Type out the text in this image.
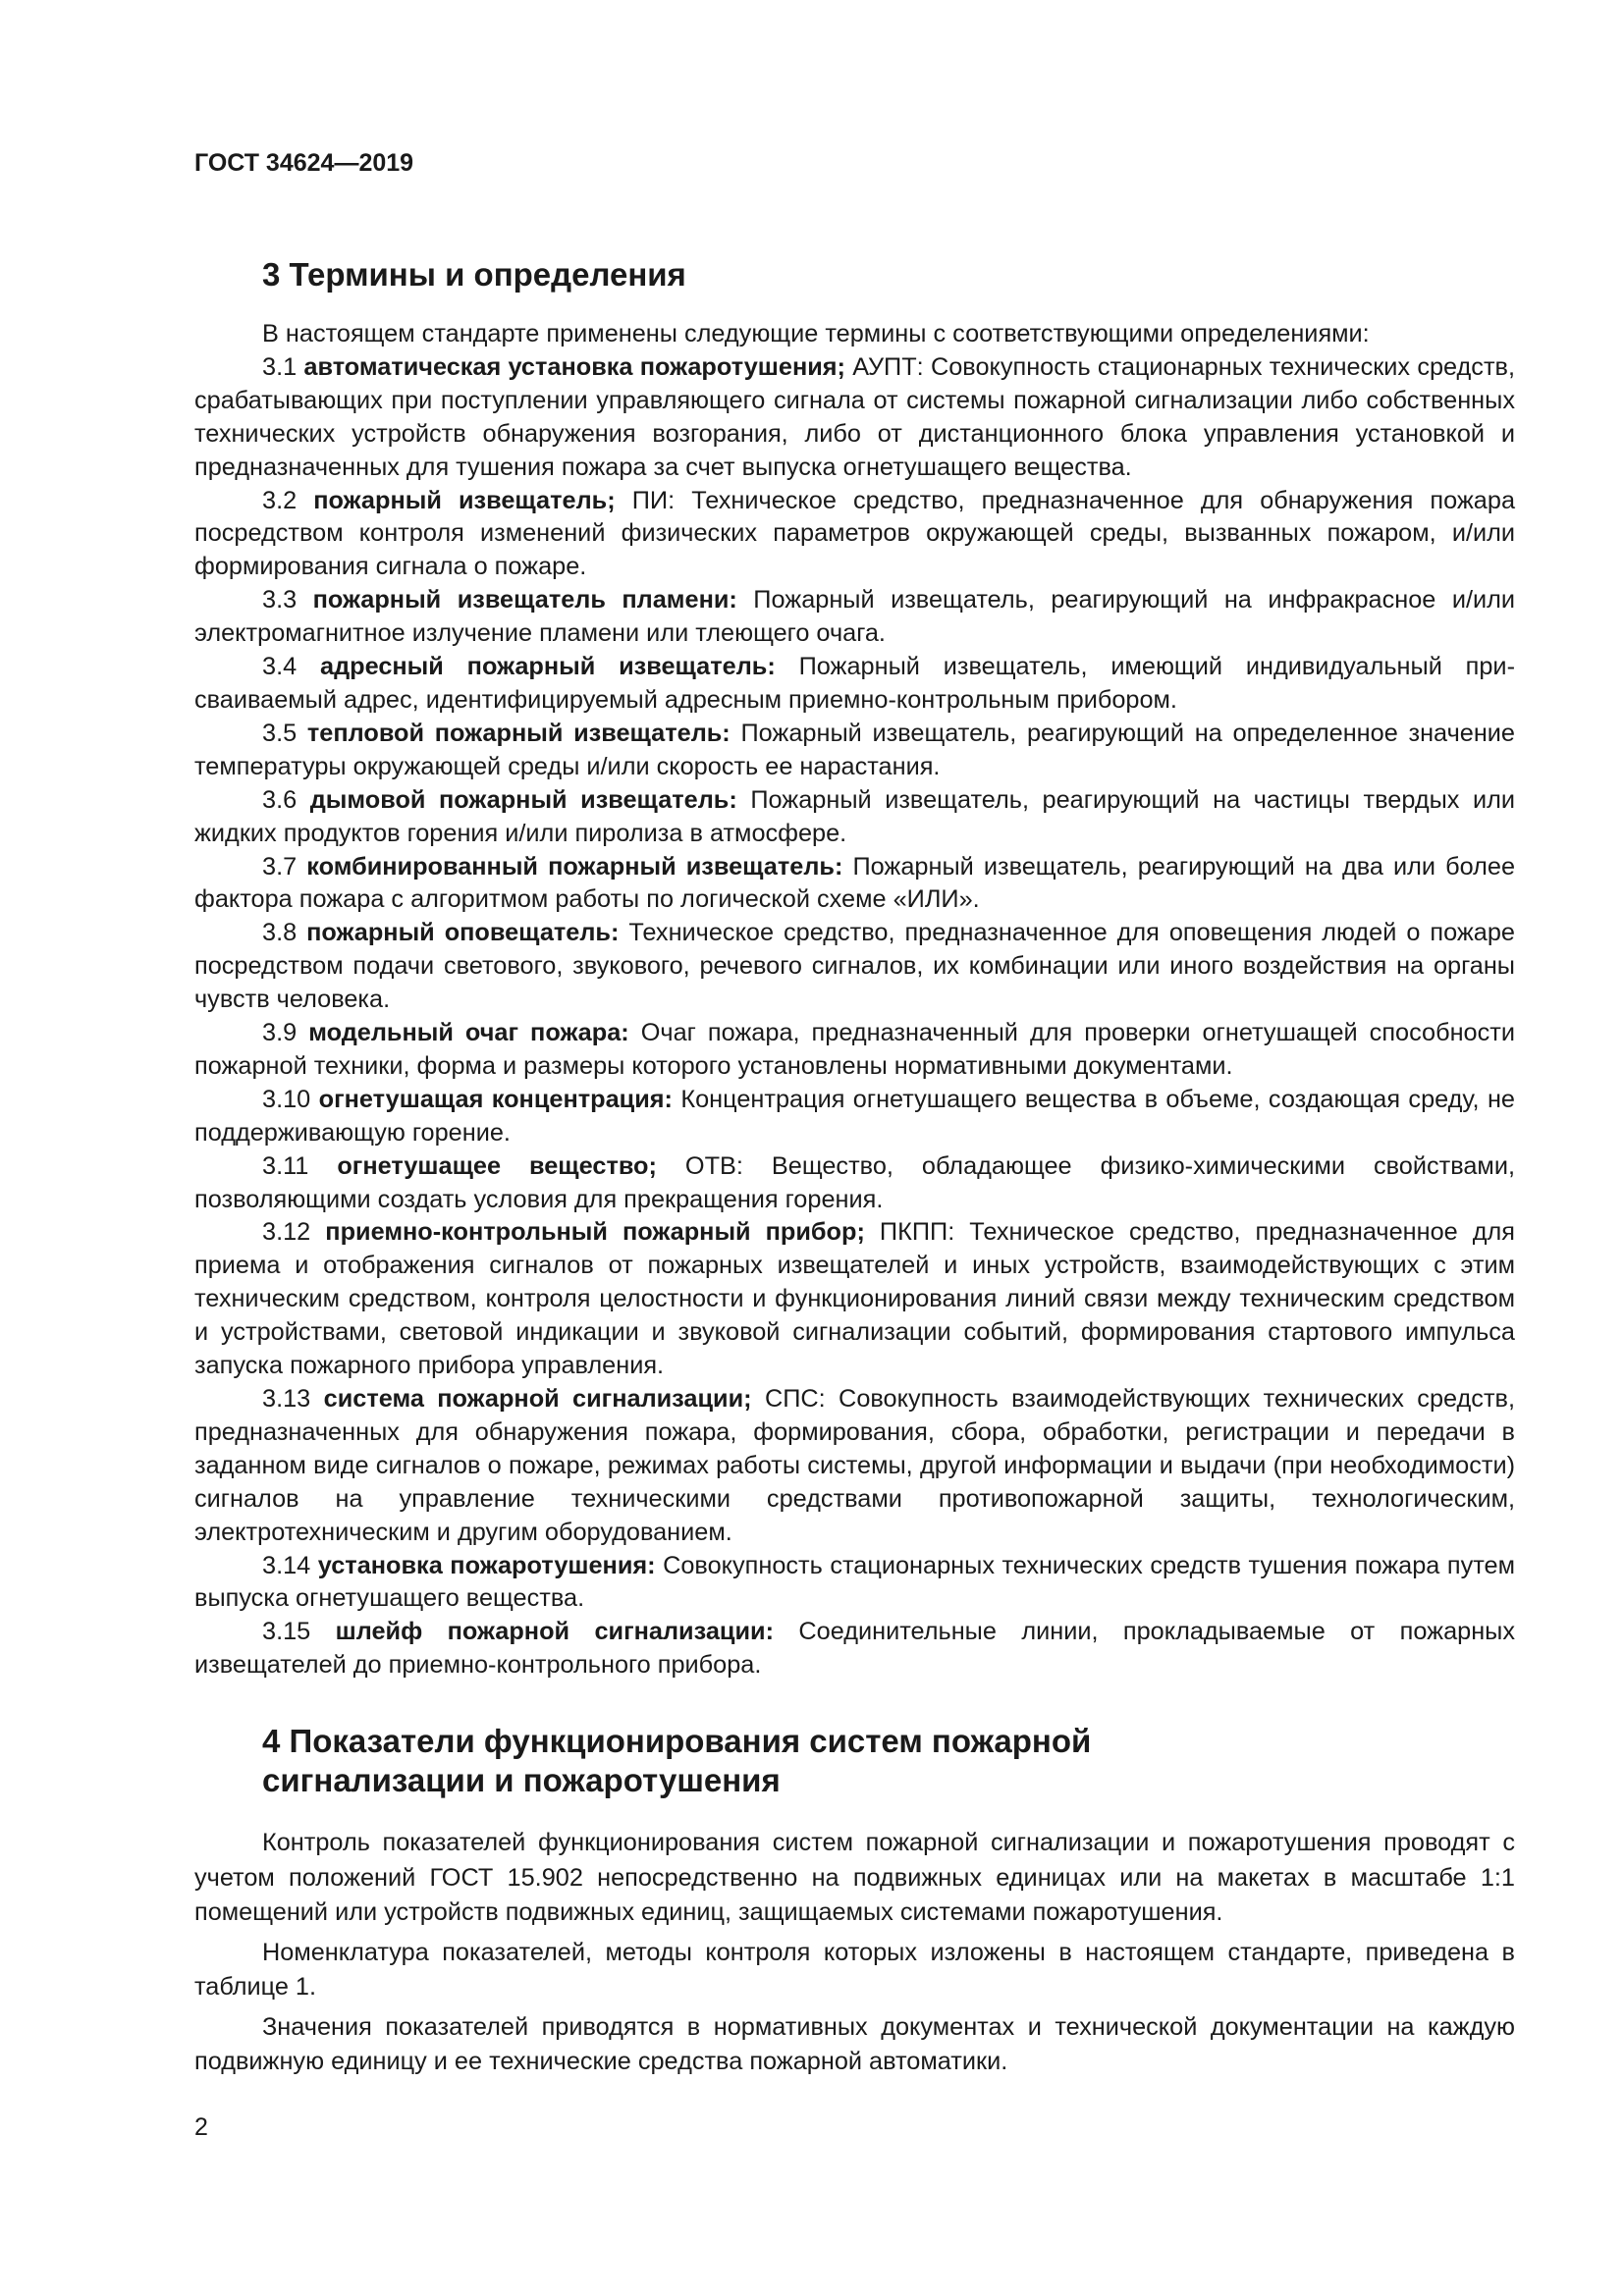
ГОСТ 34624—2019

3 Термины и определения

В настоящем стандарте применены следующие термины с соответствующими определениями:

3.1 автоматическая установка пожаротушения; АУПТ: Совокупность стационарных технических средств, срабатывающих при поступлении управляющего сигнала от системы пожарной сигнализации либо собственных технических устройств обнаружения возгорания, либо от дистанционного блока управления установкой и предназначенных для тушения пожара за счет выпуска огнетушащего вещества.

3.2 пожарный извещатель; ПИ: Техническое средство, предназначенное для обнаружения пожара посредством контроля изменений физических параметров окружающей среды, вызванных пожаром, и/или формирования сигнала о пожаре.

3.3 пожарный извещатель пламени: Пожарный извещатель, реагирующий на инфракрасное и/или электромагнитное излучение пламени или тлеющего очага.

3.4 адресный пожарный извещатель: Пожарный извещатель, имеющий индивидуальный присваиваемый адрес, идентифицируемый адресным приемно-контрольным прибором.

3.5 тепловой пожарный извещатель: Пожарный извещатель, реагирующий на определенное значение температуры окружающей среды и/или скорость ее нарастания.

3.6 дымовой пожарный извещатель: Пожарный извещатель, реагирующий на частицы твердых или жидких продуктов горения и/или пиролиза в атмосфере.

3.7 комбинированный пожарный извещатель: Пожарный извещатель, реагирующий на два или более фактора пожара с алгоритмом работы по логической схеме «ИЛИ».

3.8 пожарный оповещатель: Техническое средство, предназначенное для оповещения людей о пожаре посредством подачи светового, звукового, речевого сигналов, их комбинации или иного воздействия на органы чувств человека.

3.9 модельный очаг пожара: Очаг пожара, предназначенный для проверки огнетушащей способности пожарной техники, форма и размеры которого установлены нормативными документами.

3.10 огнетушащая концентрация: Концентрация огнетушащего вещества в объеме, создающая среду, не поддерживающую горение.

3.11 огнетушащее вещество; ОТВ: Вещество, обладающее физико-химическими свойствами, позволяющими создать условия для прекращения горения.

3.12 приемно-контрольный пожарный прибор; ПКПП: Техническое средство, предназначенное для приема и отображения сигналов от пожарных извещателей и иных устройств, взаимодействующих с этим техническим средством, контроля целостности и функционирования линий связи между техническим средством и устройствами, световой индикации и звуковой сигнализации событий, формирования стартового импульса запуска пожарного прибора управления.

3.13 система пожарной сигнализации; СПС: Совокупность взаимодействующих технических средств, предназначенных для обнаружения пожара, формирования, сбора, обработки, регистрации и передачи в заданном виде сигналов о пожаре, режимах работы системы, другой информации и выдачи (при необходимости) сигналов на управление техническими средствами противопожарной защиты, технологическим, электротехническим и другим оборудованием.

3.14 установка пожаротушения: Совокупность стационарных технических средств тушения пожара путем выпуска огнетушащего вещества.

3.15 шлейф пожарной сигнализации: Соединительные линии, прокладываемые от пожарных извещателей до приемно-контрольного прибора.

4 Показатели функционирования систем пожарной сигнализации и пожаротушения

Контроль показателей функционирования систем пожарной сигнализации и пожаротушения проводят с учетом положений ГОСТ 15.902 непосредственно на подвижных единицах или на макетах в масштабе 1:1 помещений или устройств подвижных единиц, защищаемых системами пожаротушения.

Номенклатура показателей, методы контроля которых изложены в настоящем стандарте, приведена в таблице 1.

Значения показателей приводятся в нормативных документах и технической документации на каждую подвижную единицу и ее технические средства пожарной автоматики.

2
